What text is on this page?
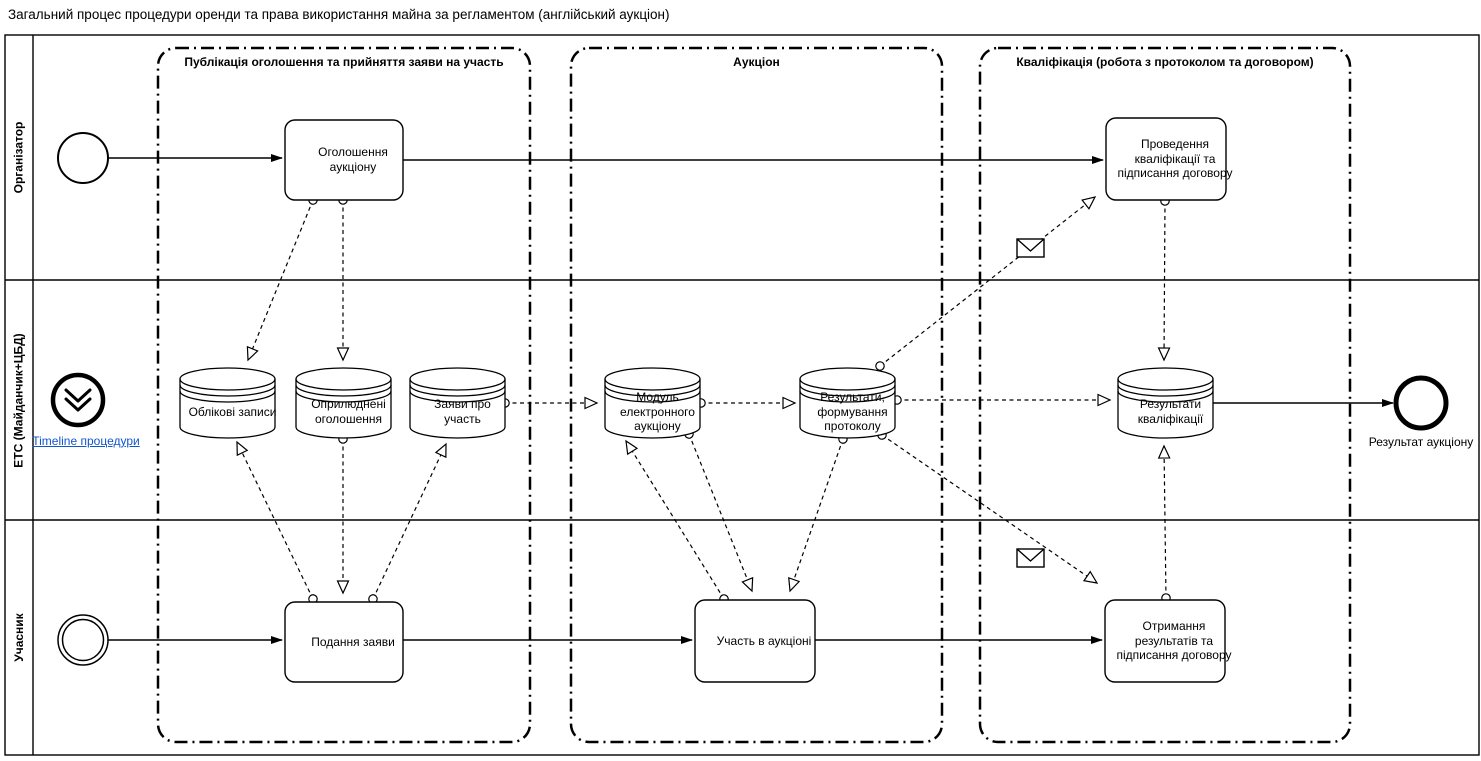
Загальний процес процедури оренди та права використання майна за регламентом (англійський аукціон)
Організатор
ЕТС (Майданчик+ЦБД)
Учасник
Публікація оголошення та прийняття заяви на участь	Аукціон	Кваліфікація (робота з протоколом та договором)
Оголошення аукціону
Проведення кваліфікації та підписання договору
Подання заяви	Участь в аукціоні
Отримання результатів та підписання договору
Облікові записи
Оприлюднені оголошення
Заяви про участь
Модуль електронного аукціону
Результати, формування протоколу
Результати кваліфікації
Результат аукціону
Timeline процедури
